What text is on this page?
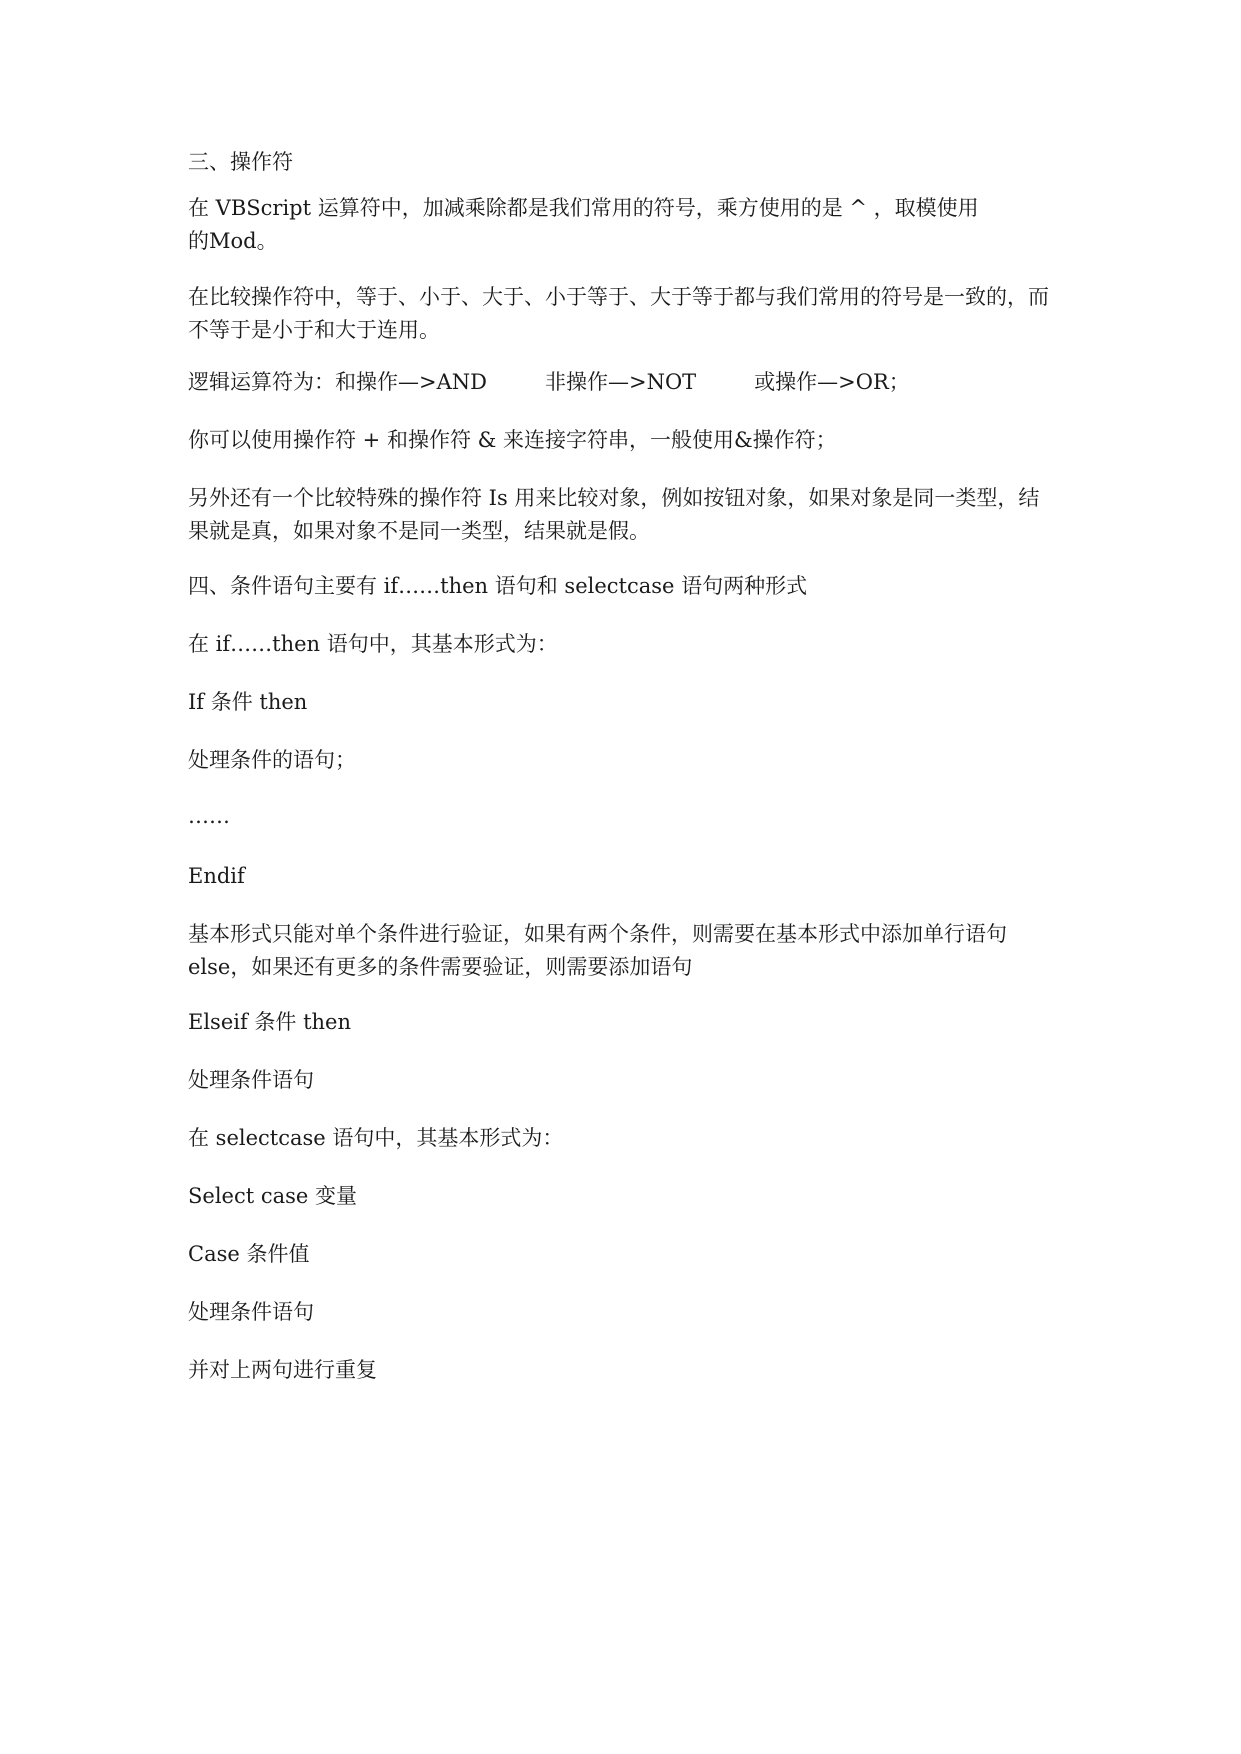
三、操作符

在 VBScript 运算符中，加减乘除都是我们常用的符号，乘方使用的是 ^ ，取模使用的Mod。

在比较操作符中，等于、小于、大于、小于等于、大于等于都与我们常用的符号是一致的，而不等于是小于和大于连用。

逻辑运算符为：和操作—>AND	非操作—>NOT	或操作—>OR；

你可以使用操作符 + 和操作符 & 来连接字符串，一般使用&操作符；

另外还有一个比较特殊的操作符 Is 用来比较对象，例如按钮对象，如果对象是同一类型，结果就是真，如果对象不是同一类型，结果就是假。

四、条件语句主要有 if……then 语句和 selectcase 语句两种形式

在 if……then 语句中，其基本形式为：

If 条件 then

处理条件的语句；

……

Endif

基本形式只能对单个条件进行验证，如果有两个条件，则需要在基本形式中添加单行语句else，如果还有更多的条件需要验证，则需要添加语句

Elseif 条件 then

处理条件语句

在 selectcase 语句中，其基本形式为：

Select case 变量

Case 条件值

处理条件语句

并对上两句进行重复
